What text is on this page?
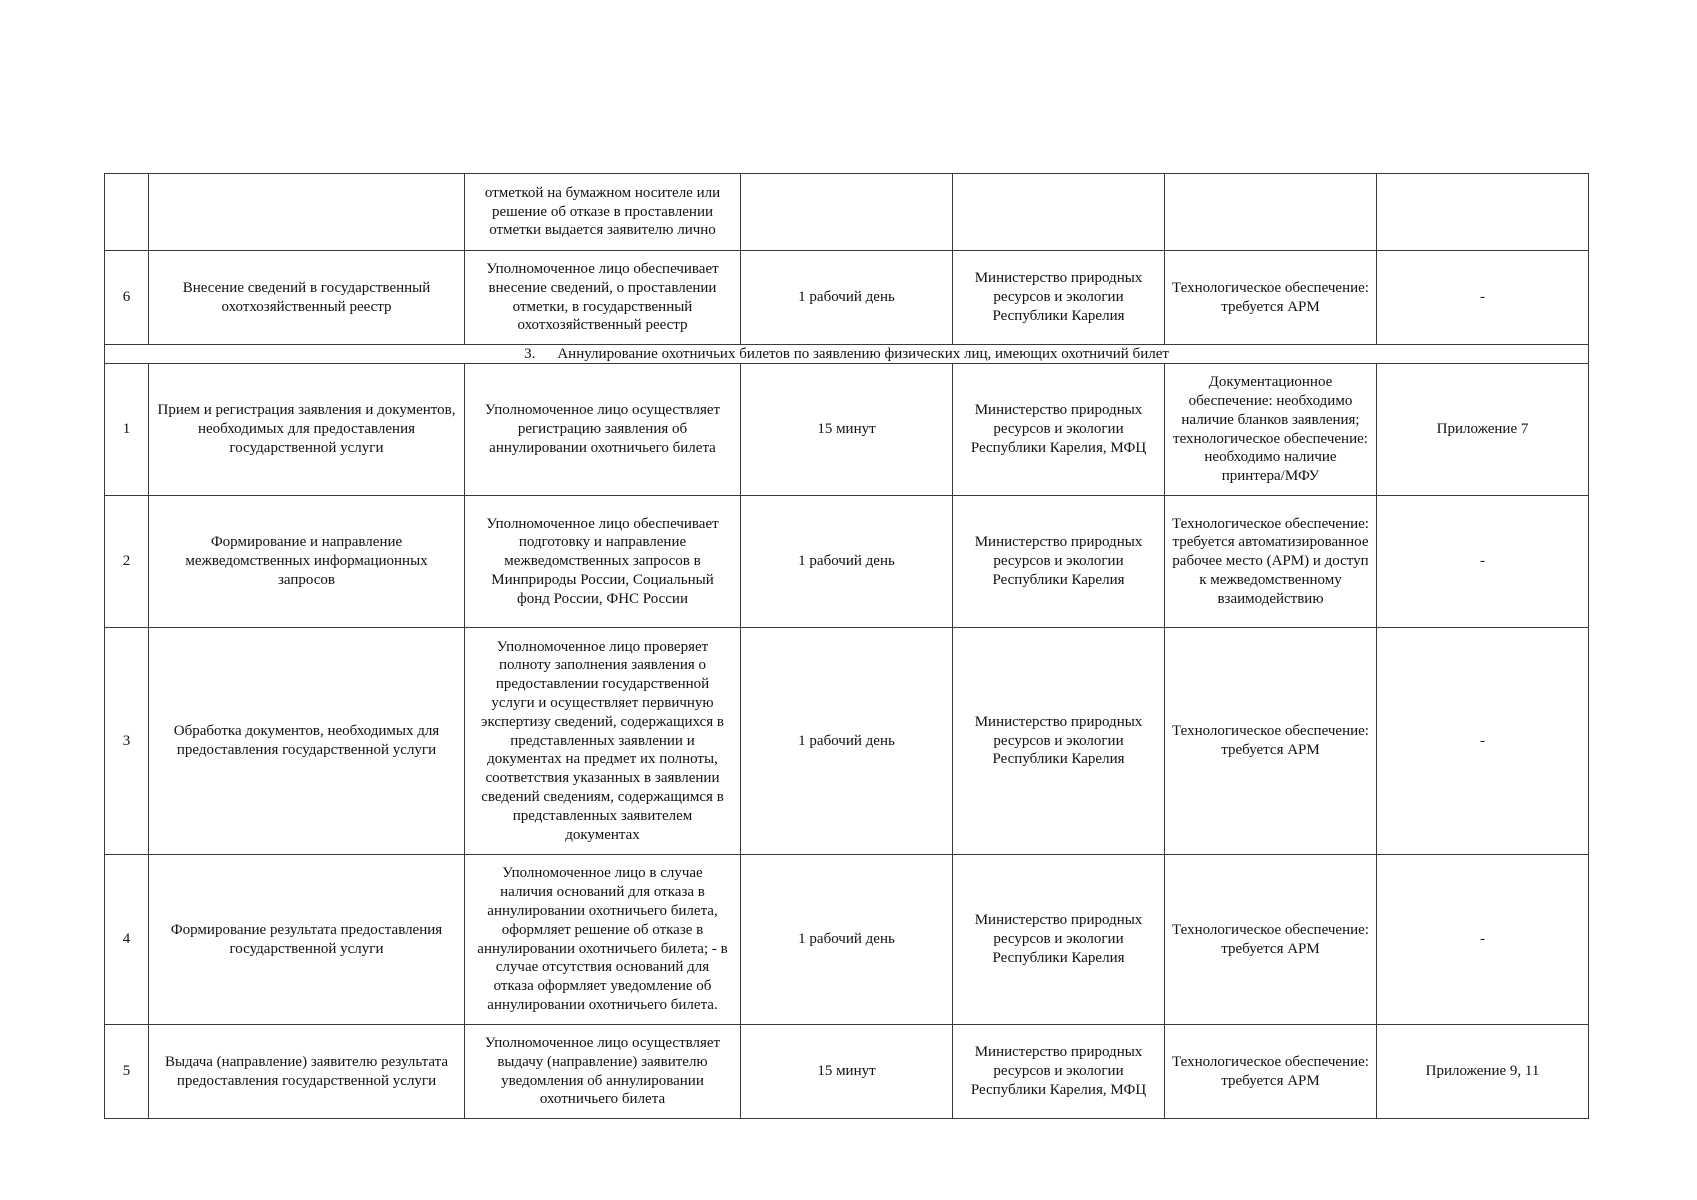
		отметкой на бумажном носителе или решение об отказе в проставлении отметки выдается заявителю лично				
6	Внесение сведений в государственный охотхозяйственный реестр	Уполномоченное лицо обеспечивает внесение сведений, о проставлении отметки, в государственный охотхозяйственный реестр	1 рабочий день	Министерство природных ресурсов и экологии Республики Карелия	Технологическое обеспечение: требуется АРМ	-
3. Аннулирование охотничьих билетов по заявлению физических лиц, имеющих охотничий билет						
1	Прием и регистрация заявления и документов, необходимых для предоставления государственной услуги	Уполномоченное лицо осуществляет регистрацию заявления об аннулировании охотничьего билета	15 минут	Министерство природных ресурсов и экологии Республики Карелия, МФЦ	Документационное обеспечение: необходимо наличие бланков заявления; технологическое обеспечение: необходимо наличие принтера/МФУ	Приложение 7
2	Формирование и направление межведомственных информационных запросов	Уполномоченное лицо обеспечивает подготовку и направление межведомственных запросов в Минприроды России, Социальный фонд России, ФНС России	1 рабочий день	Министерство природных ресурсов и экологии Республики Карелия	Технологическое обеспечение: требуется автоматизированное рабочее место (АРМ) и доступ к межведомственному взаимодействию	-
3	Обработка документов, необходимых для предоставления государственной услуги	Уполномоченное лицо проверяет полноту заполнения заявления о предоставлении государственной услуги и осуществляет первичную экспертизу сведений, содержащихся в представленных заявлении и документах на предмет их полноты, соответствия указанных в заявлении сведений сведениям, содержащимся в представленных заявителем документах	1 рабочий день	Министерство природных ресурсов и экологии Республики Карелия	Технологическое обеспечение: требуется АРМ	-
4	Формирование результата предоставления государственной услуги	Уполномоченное лицо в случае наличия оснований для отказа в аннулировании охотничьего билета, оформляет решение об отказе в аннулировании охотничьего билета; - в случае отсутствия оснований для отказа оформляет уведомление об аннулировании охотничьего билета.	1 рабочий день	Министерство природных ресурсов и экологии Республики Карелия	Технологическое обеспечение: требуется АРМ	-
5	Выдача (направление) заявителю результата предоставления государственной услуги	Уполномоченное лицо осуществляет выдачу (направление) заявителю уведомления об аннулировании охотничьего билета	15 минут	Министерство природных ресурсов и экологии Республики Карелия, МФЦ	Технологическое обеспечение: требуется АРМ	Приложение 9, 11
